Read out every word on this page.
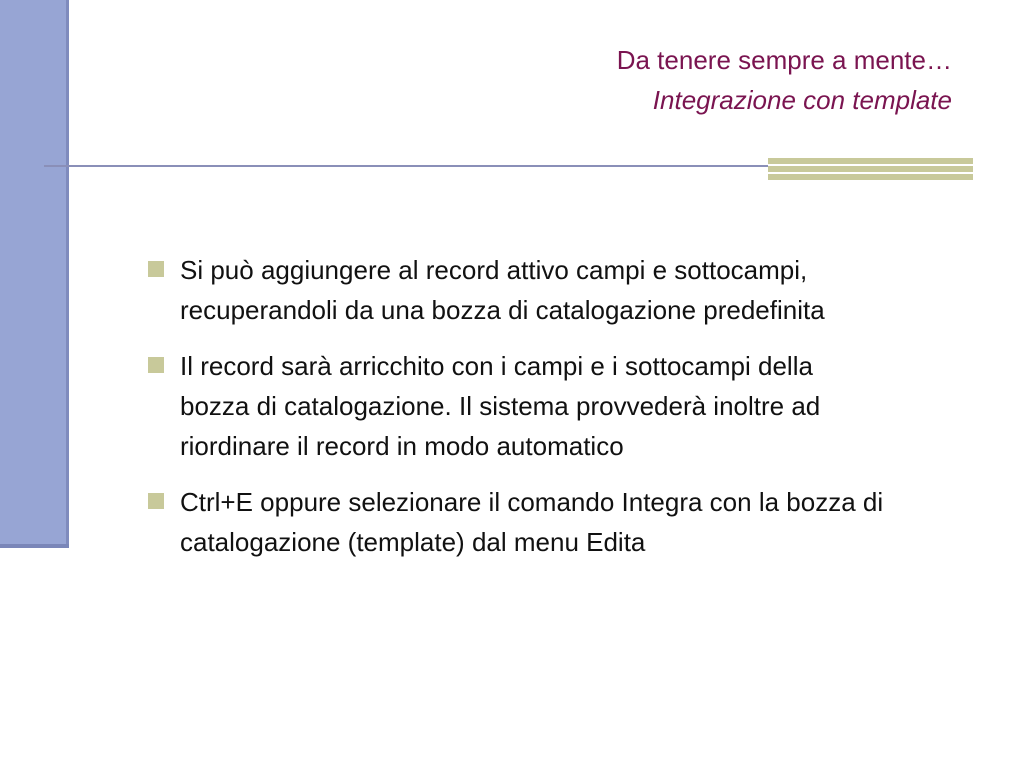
Da tenere sempre a mente…
Integrazione con template
Si può aggiungere al record attivo campi e sottocampi, recuperandoli da una bozza di catalogazione predefinita
Il record sarà arricchito con i campi e i sottocampi della bozza di catalogazione. Il sistema provvederà inoltre ad riordinare il record in modo automatico
Ctrl+E oppure selezionare il comando Integra con la bozza di catalogazione (template) dal menu Edita
